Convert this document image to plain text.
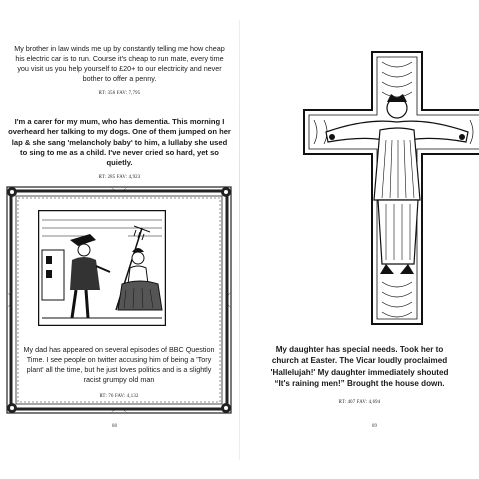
My brother in law winds me up by constantly telling me how cheap his electric car is to run. Course it's cheap to run mate, every time you visit us you help yourself to £20+ to our electricity and never bother to offer a penny.

RT: 356 FAV: 7,795

I'm a carer for my mum, who has dementia. This morning I overheard her talking to my dogs. One of them jumped on her lap & she sang 'melancholy baby' to him, a lullaby she used to sing to me as a child. I've never cried so hard, yet so quietly.

RT: 285 FAV: 4,923

My dad has appeared on several episodes of BBC Question Time. I see people on twitter accusing him of being a 'Tory plant' all the time, but he just loves politics and is a slightly racist grumpy old man

RT: 76 FAV: 4,132
88

My daughter has special needs. Took her to church at Easter. The Vicar loudly proclaimed 'Hallelujah!' My daughter immediately shouted “It's raining men!” Brought the house down.

RT: 407 FAV: 4,694
89
